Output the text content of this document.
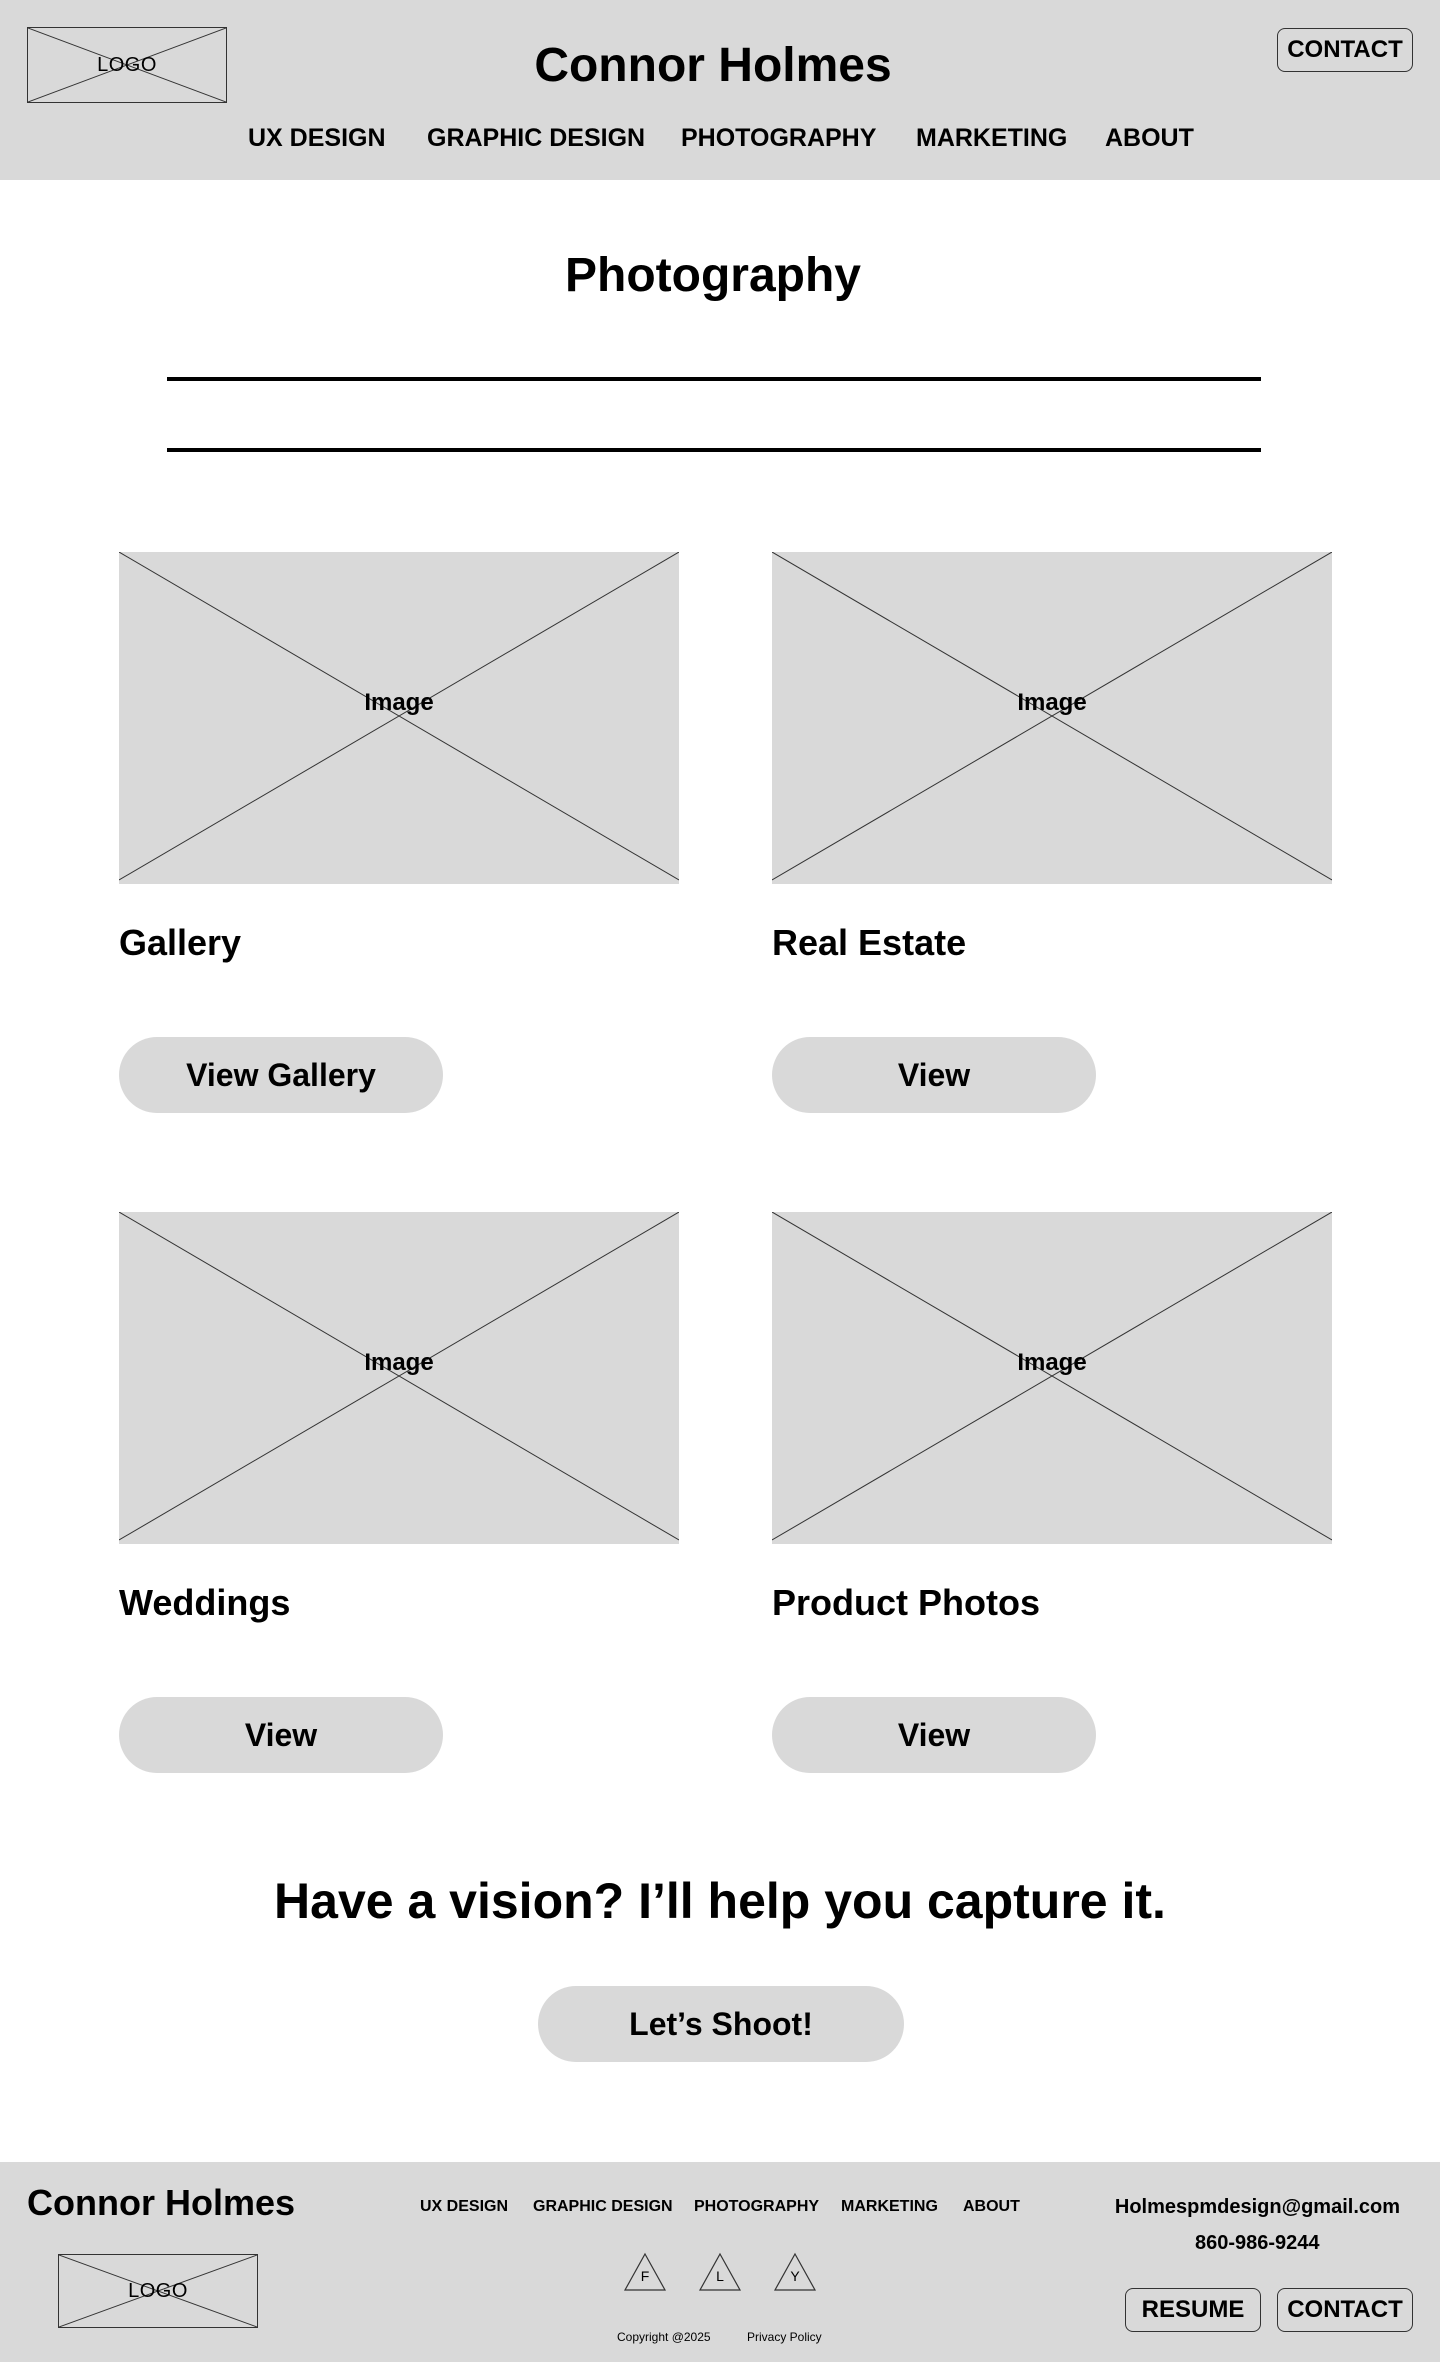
LOGO	Connor Holmes	CONTACT
UX DESIGN GRAPHIC DESIGN PHOTOGRAPHY MARKETING ABOUT
Photography
Image
Gallery
View Gallery
Image
Real Estate
View
Image
Weddings
View
Image
Product Photos
View
Have a vision? I’ll help you capture it.
Let’s Shoot!
Connor Holmes
LOGO
UX DESIGN GRAPHIC DESIGN PHOTOGRAPHY MARKETING ABOUT
F	L	Y
Copyright @2025	Privacy Policy
Holmespmdesign@gmail.com
860-986-9244
RESUME	CONTACT
